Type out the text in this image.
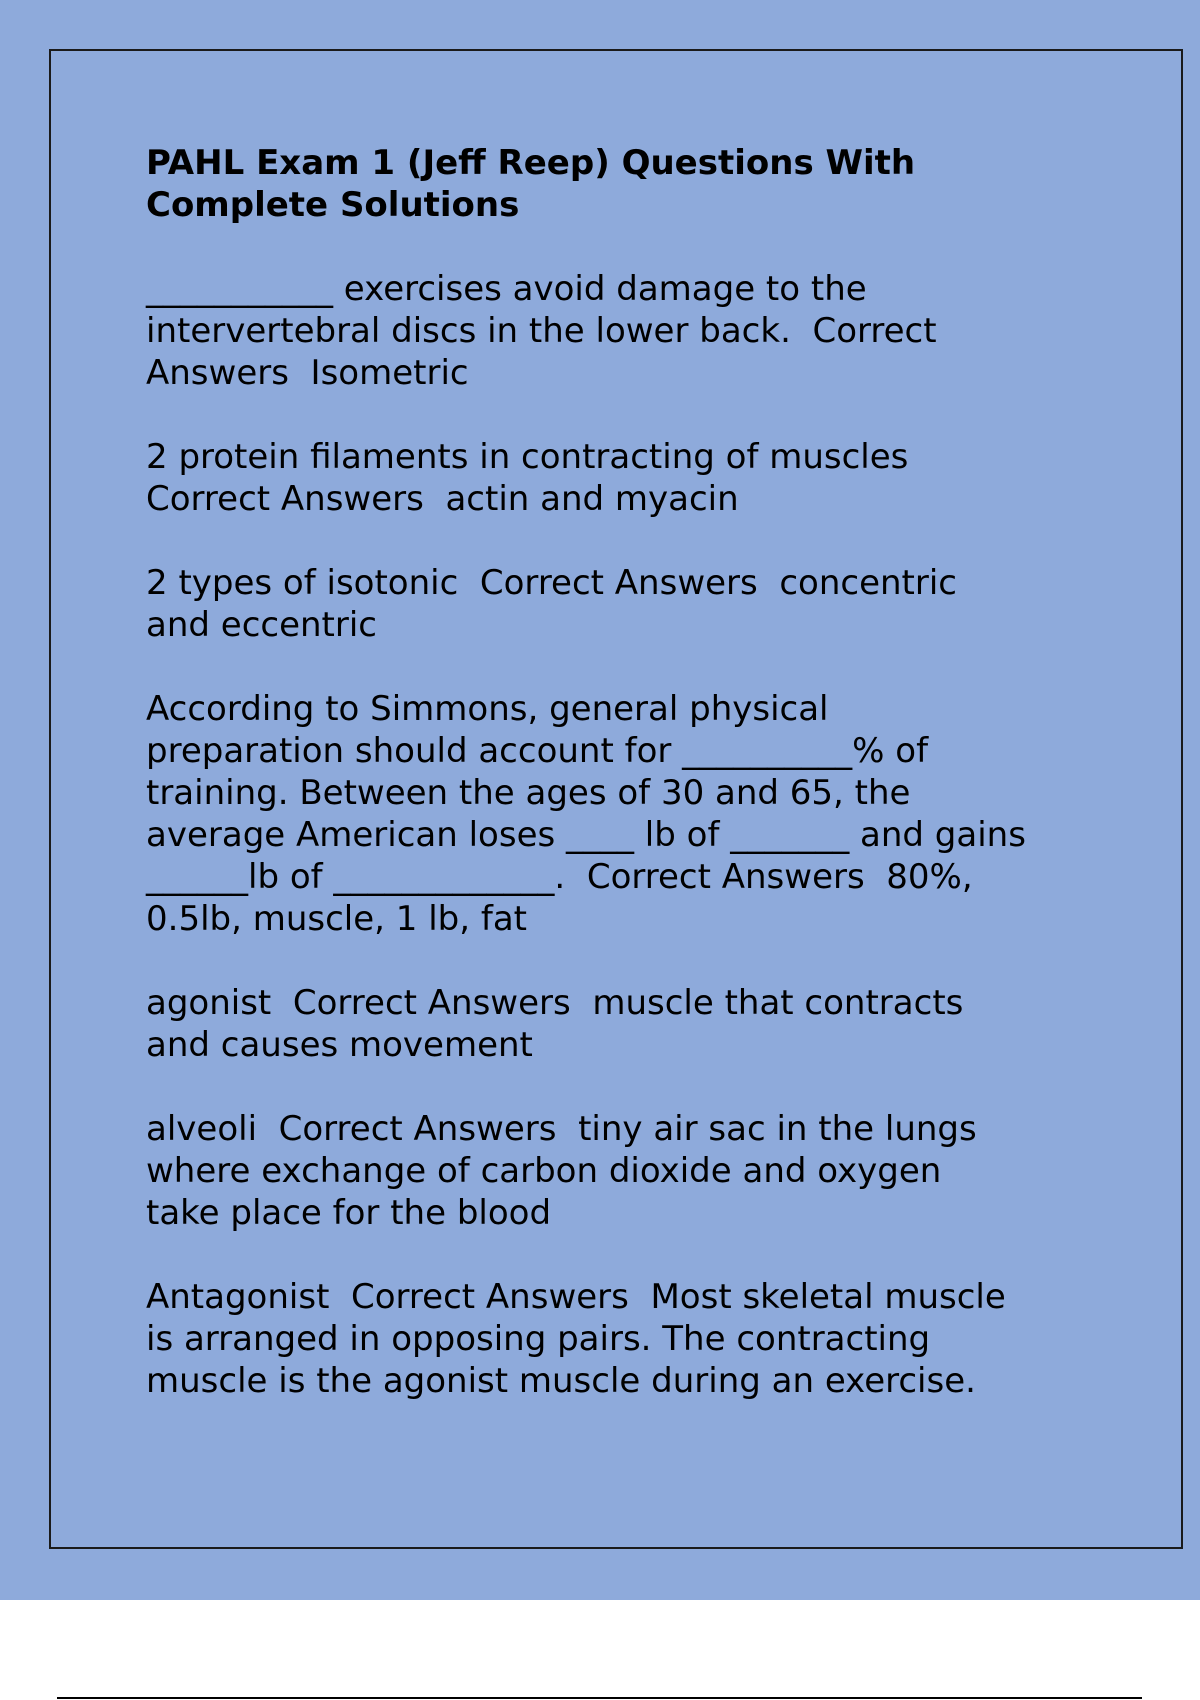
PAHL Exam 1 (Jeff Reep) Questions With Complete Solutions
___________ exercises avoid damage to the
intervertebral discs in the lower back.  Correct
Answers  Isometric
2 protein filaments in contracting of muscles
Correct Answers  actin and myacin
2 types of isotonic  Correct Answers  concentric
and eccentric
According to Simmons, general physical
preparation should account for __________% of
training. Between the ages of 30 and 65, the
average American loses ____ lb of _______ and gains
______lb of _____________.  Correct Answers  80%,
0.5lb, muscle, 1 lb, fat
agonist  Correct Answers  muscle that contracts
and causes movement
alveoli  Correct Answers  tiny air sac in the lungs
where exchange of carbon dioxide and oxygen
take place for the blood
Antagonist  Correct Answers  Most skeletal muscle
is arranged in opposing pairs. The contracting
muscle is the agonist muscle during an exercise.
